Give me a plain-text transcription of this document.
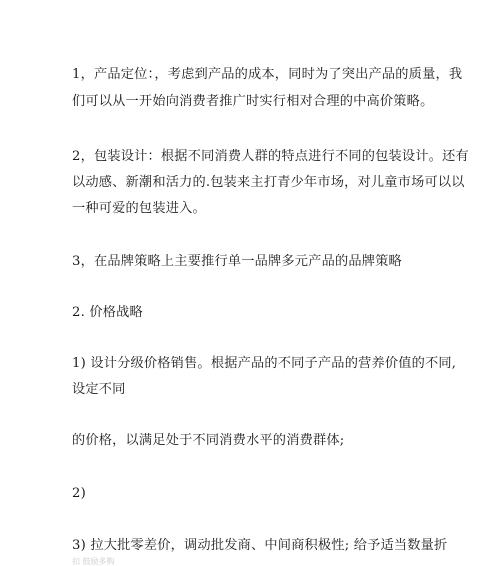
1，产品定位：，考虑到产品的成本，同时为了突出产品的质量，我
们可以从一开始向消费者推广时实行相对合理的中高价策略。
2，包装设计：根据不同消费人群的特点进行不同的包装设计。还有
以动感、新潮和活力的.包装来主打青少年市场，对儿童市场可以以
一种可爱的包装进入。
3，在品牌策略上主要推行单一品牌多元产品的品牌策略
2. 价格战略
1) 设计分级价格销售。根据产品的不同子产品的营养价值的不同,
设定不同
的价格，以满足处于不同消费水平的消费群体;
2)
3) 拉大批零差价，调动批发商、中间商积极性; 给予适当数量折
扣 鼓励多购
